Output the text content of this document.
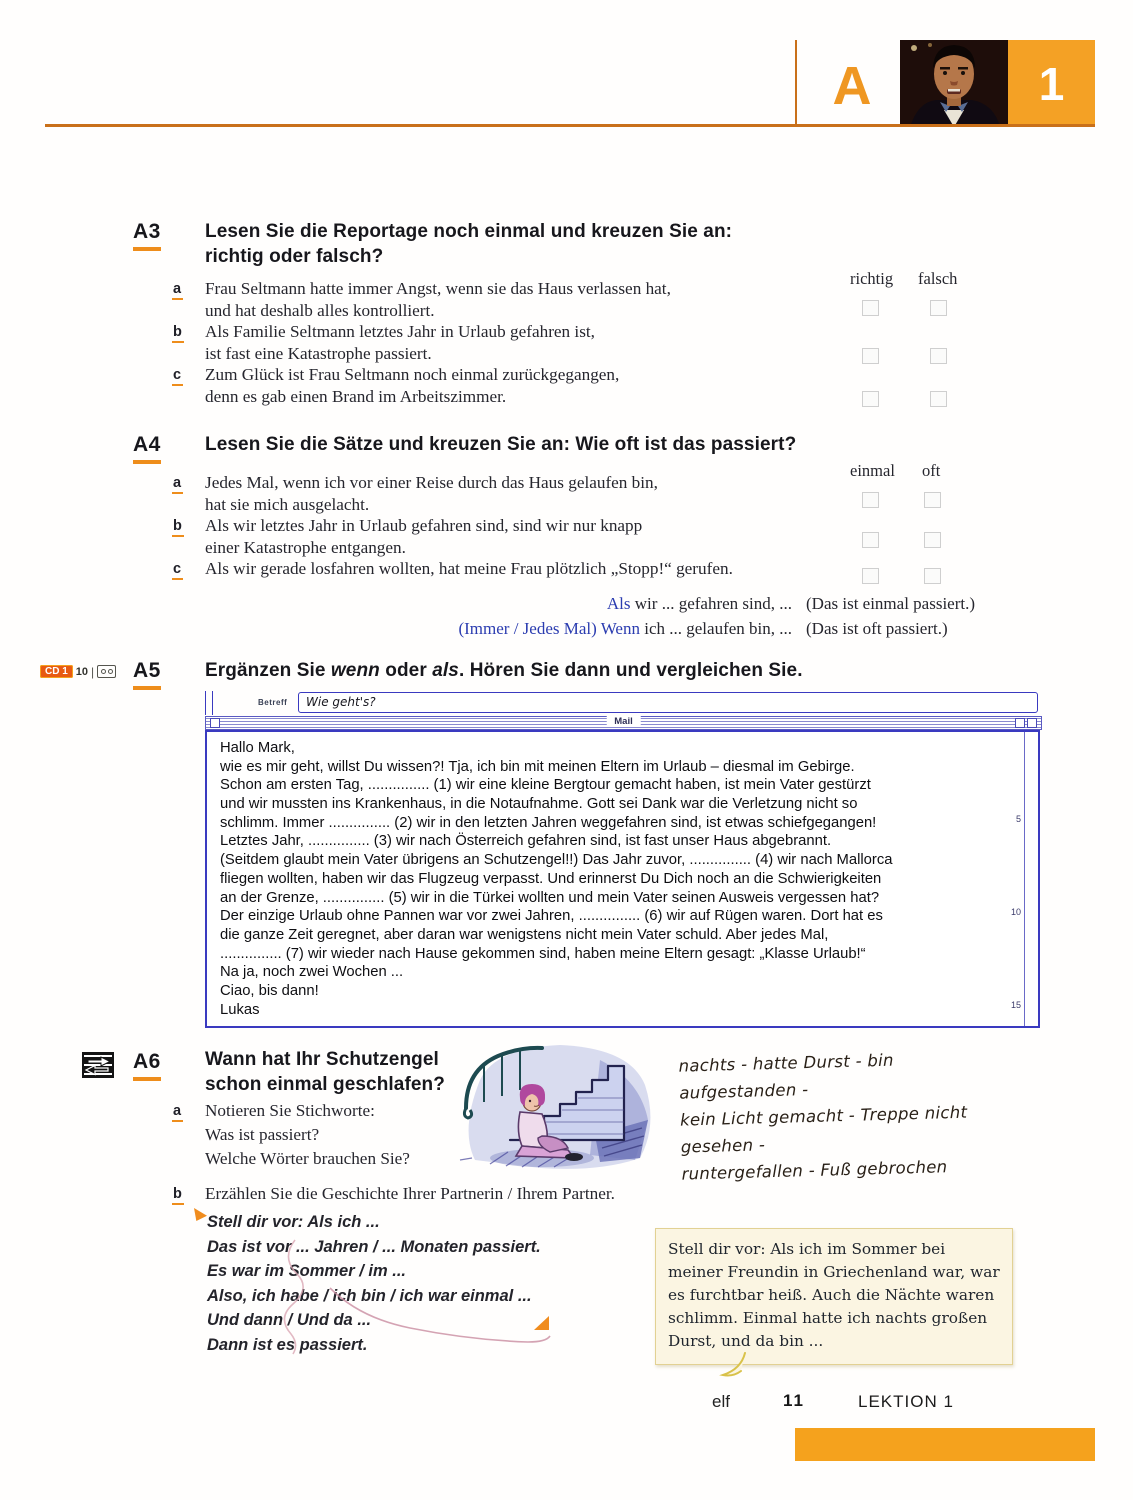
A	1
A3 Lesen Sie die Reportage noch einmal und kreuzen Sie an:
richtig oder falsch?
richtig falsch
a Frau Seltmann hatte immer Angst, wenn sie das Haus verlassen hat,
und hat deshalb alles kontrolliert.
b Als Familie Seltmann letztes Jahr in Urlaub gefahren ist,
ist fast eine Katastrophe passiert.
c Zum Glück ist Frau Seltmann noch einmal zurückgegangen,
denn es gab einen Brand im Arbeitszimmer.
A4 Lesen Sie die Sätze und kreuzen Sie an: Wie oft ist das passiert?
einmal oft
a Jedes Mal, wenn ich vor einer Reise durch das Haus gelaufen bin,
hat sie mich ausgelacht.
b Als wir letztes Jahr in Urlaub gefahren sind, sind wir nur knapp
einer Katastrophe entgangen.
c Als wir gerade losfahren wollten, hat meine Frau plötzlich „Stopp!“ gerufen.
Als wir ... gefahren sind, ... (Das ist einmal passiert.)
(Immer / Jedes Mal) Wenn ich ... gelaufen bin, ... (Das ist oft passiert.)
CD 1 10 | A5 Ergänzen Sie wenn oder als. Hören Sie dann und vergleichen Sie.
Betreff Wie geht's?
Mail
Hallo Mark,
wie es mir geht, willst Du wissen?! Tja, ich bin mit meinen Eltern im Urlaub – diesmal im Gebirge.
Schon am ersten Tag, ............... (1) wir eine kleine Bergtour gemacht haben, ist mein Vater gestürzt
und wir mussten ins Krankenhaus, in die Notaufnahme. Gott sei Dank war die Verletzung nicht so
schlimm. Immer ............... (2) wir in den letzten Jahren weggefahren sind, ist etwas schiefgegangen!
Letztes Jahr, ............... (3) wir nach Österreich gefahren sind, ist fast unser Haus abgebrannt.
(Seitdem glaubt mein Vater übrigens an Schutzengel!!) Das Jahr zuvor, ............... (4) wir nach Mallorca
fliegen wollten, haben wir das Flugzeug verpasst. Und erinnerst Du Dich noch an die Schwierigkeiten
an der Grenze, ............... (5) wir in die Türkei wollten und mein Vater seinen Ausweis vergessen hat?
Der einzige Urlaub ohne Pannen war vor zwei Jahren, ............... (6) wir auf Rügen waren. Dort hat es
die ganze Zeit geregnet, aber daran war wenigstens nicht mein Vater schuld. Aber jedes Mal,
............... (7) wir wieder nach Hause gekommen sind, haben meine Eltern gesagt: „Klasse Urlaub!“
Na ja, noch zwei Wochen ...
Ciao, bis dann!
Lukas
5
10
15
A6 Wann hat Ihr Schutzengel
schon einmal geschlafen?
nachts - hatte Durst - bin aufgestanden -
kein Licht gemacht - Treppe nicht gesehen -
runtergefallen - Fuß gebrochen
a Notieren Sie Stichworte:
Was ist passiert?
Welche Wörter brauchen Sie?
b Erzählen Sie die Geschichte Ihrer Partnerin / Ihrem Partner.
Stell dir vor: Als ich ...
Das ist vor ... Jahren / ... Monaten passiert.
Es war im Sommer / im ...
Also, ich habe / ich bin / ich war einmal ...
Und dann / Und da ...
Dann ist es passiert.
Stell dir vor: Als ich im Sommer bei meiner Freundin in Griechenland war, war es furchtbar heiß. Auch die Nächte waren schlimm. Einmal hatte ich nachts großen Durst, und da bin ...
elf	11	LEKTION 1
